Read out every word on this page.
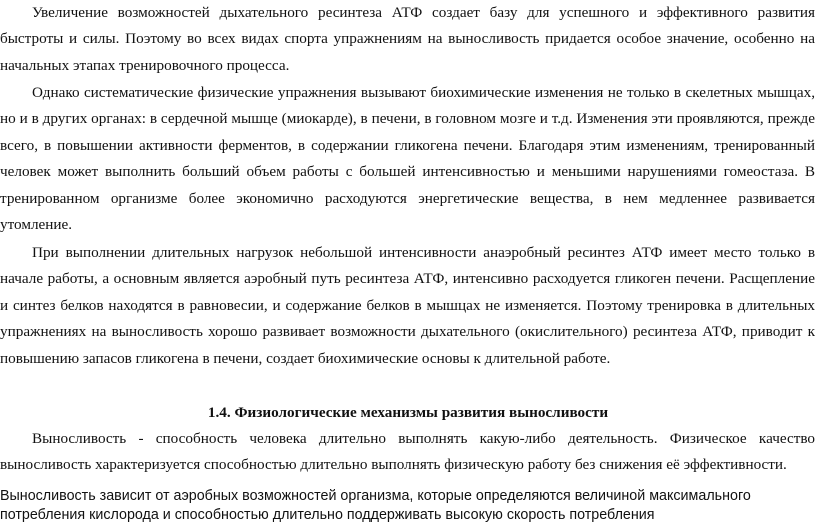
Увеличение возможностей дыхательного ресинтеза АТФ создает базу для успешного и эффективного развития быстроты и силы. Поэтому во всех видах спорта упражнениям на выносливость придается особое значение, особенно на начальных этапах тренировочного процесса.

Однако систематические физические упражнения вызывают биохимические изменения не только в скелетных мышцах, но и в других органах: в сердечной мышце (миокарде), в печени, в головном мозге и т.д. Изменения эти проявляются, прежде всего, в повышении активности ферментов, в содержании гликогена печени. Благодаря этим изменениям, тренированный человек может выполнить больший объем работы с большей интенсивностью и меньшими нарушениями гомеостаза. В тренированном организме более экономично расходуются энергетические вещества, в нем медленнее развивается утомление.

При выполнении длительных нагрузок небольшой интенсивности анаэробный ресинтез АТФ имеет место только в начале работы, а основным является аэробный путь ресинтеза АТФ, интенсивно расходуется гликоген печени. Расщепление и синтез белков находятся в равновесии, и содержание белков в мышцах не изменяется. Поэтому тренировка в длительных упражнениях на выносливость хорошо развивает возможности дыхательного (окислительного) ресинтеза АТФ, приводит к повышению запасов гликогена в печени, создает биохимические основы к длительной работе.

1.4. Физиологические механизмы развития выносливости

Выносливость - способность человека длительно выполнять какую-либо деятельность. Физическое качество выносливость характеризуется способностью длительно выполнять физическую работу без снижения её эффективности.

Выносливость зависит от аэробных возможностей организма, которые определяются величиной максимального потребления кислорода и способностью длительно поддерживать высокую скорость потребления
